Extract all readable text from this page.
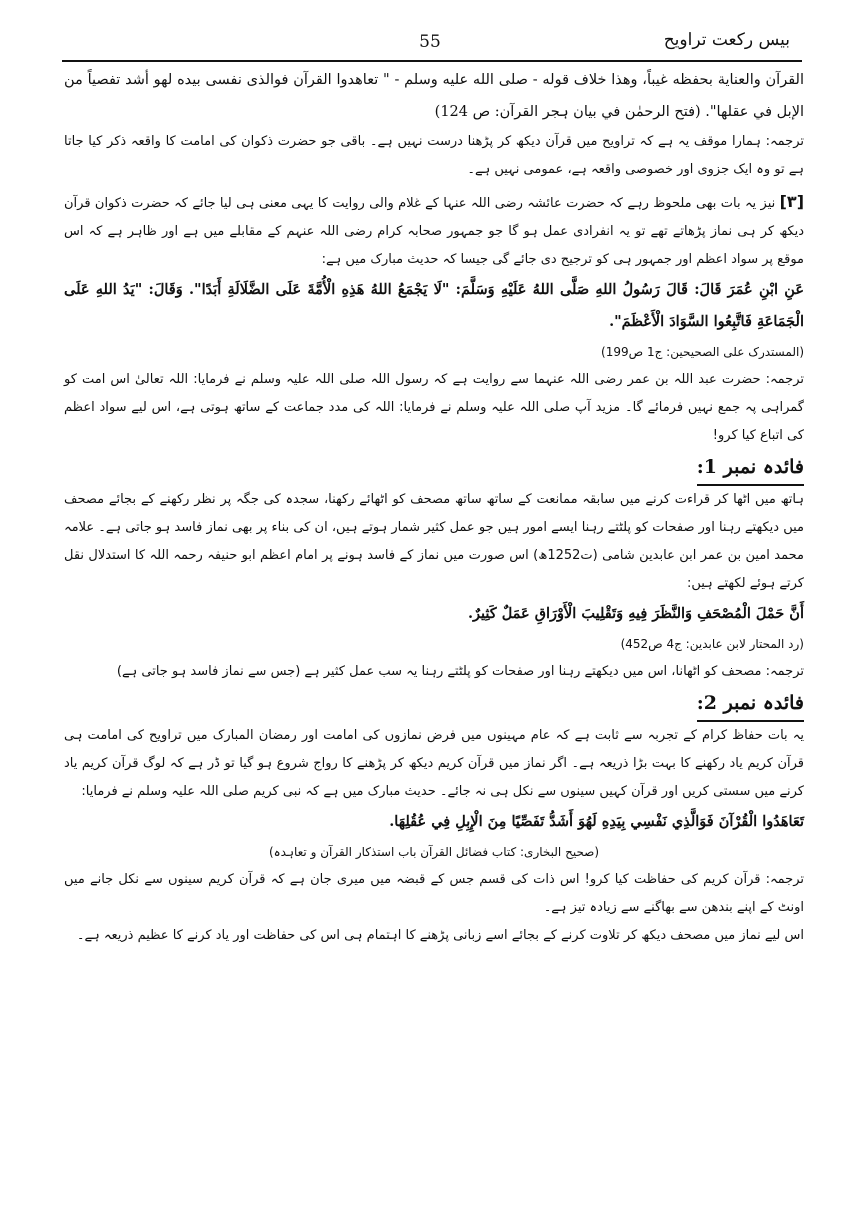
بیس رکعت تراویح
55

القرآن والعناية بحفظه غيباً، وهذا خلاف قوله - صلى الله عليه وسلم - " تعاهدوا القرآن فوالذى نفسى بيده لهو أشد تفصياً من الإبل في عقلها". (فتح الرحمٰن في بيان ہجر القرآن: ص 124)

ترجمہ: ہمارا موقف یہ ہے کہ تراویح میں قرآن دیکھ کر پڑھنا درست نہیں ہے۔ باقی جو حضرت ذکوان کی امامت کا واقعہ ذکر کیا جاتا ہے تو وہ ایک جزوی اور خصوصی واقعہ ہے، عمومی نہیں ہے۔

[۳] نیز یہ بات بھی ملحوظ رہے کہ حضرت عائشہ رضی اللہ عنہا کے غلام والی روایت کا یہی معنی ہی لیا جائے کہ حضرت ذکوان قرآن دیکھ کر ہی نماز پڑھاتے تھے تو یہ انفرادی عمل ہو گا جو جمہور صحابہ کرام رضی اللہ عنہم کے مقابلے میں ہے اور ظاہر ہے کہ اس موقع پر سواد اعظم اور جمہور ہی کو ترجیح دی جائے گی جیسا کہ حدیث مبارک میں ہے:

عَنِ ابْنِ عُمَرَ قَالَ: قَالَ رَسُولُ اللهِ صَلَّى اللهُ عَلَيْهِ وَسَلَّمَ: "لَا يَجْمَعُ اللهُ هَذِهِ الْأُمَّةَ عَلَى الضَّلَالَةِ أَبَدًا". وَقَالَ: "يَدُ اللهِ عَلَى الْجَمَاعَةِ فَاتَّبِعُوا السَّوَادَ الْأَعْظَمَ".

(المستدرک علی الصحیحین: ج1 ص199)

ترجمہ: حضرت عبد اللہ بن عمر رضی اللہ عنہما سے روایت ہے کہ رسول اللہ صلی اللہ علیہ وسلم نے فرمایا: اللہ تعالیٰ اس امت کو گمراہی پہ جمع نہیں فرمائے گا۔ مزید آپ صلی اللہ علیہ وسلم نے فرمایا: اللہ کی مدد جماعت کے ساتھ ہوتی ہے، اس لیے سواد اعظم کی اتباع کیا کرو!

فائدہ نمبر 1:

ہاتھ میں اٹھا کر قراءت کرنے میں سابقہ ممانعت کے ساتھ ساتھ مصحف کو اٹھائے رکھنا، سجدہ کی جگہ پر نظر رکھنے کے بجائے مصحف میں دیکھتے رہنا اور صفحات کو پلٹتے رہنا ایسے امور ہیں جو عمل کثیر شمار ہوتے ہیں، ان کی بناء پر بھی نماز فاسد ہو جاتی ہے۔ علامہ محمد امین بن عمر ابن عابدین شامی (ت1252ھ) اس صورت میں نماز کے فاسد ہونے پر امام اعظم ابو حنیفہ رحمہ اللہ کا استدلال نقل کرتے ہوئے لکھتے ہیں:

أَنَّ حَمْلَ الْمُصْحَفِ وَالنَّظَرَ فِيهِ وَتَقْلِيبَ الْأَوْرَاقِ عَمَلٌ كَثِيرٌ.

(رد المحتار لابن عابدین: ج4 ص452)

ترجمہ: مصحف کو اٹھانا، اس میں دیکھتے رہنا اور صفحات کو پلٹتے رہنا یہ سب عمل کثیر ہے (جس سے نماز فاسد ہو جاتی ہے)

فائدہ نمبر 2:

یہ بات حفاظ کرام کے تجربہ سے ثابت ہے کہ عام مہینوں میں فرض نمازوں کی امامت اور رمضان المبارک میں تراویح کی امامت ہی قرآن کریم یاد رکھنے کا بہت بڑا ذریعہ ہے۔ اگر نماز میں قرآن کریم دیکھ کر پڑھنے کا رواج شروع ہو گیا تو ڈر ہے کہ لوگ قرآن کریم یاد کرنے میں سستی کریں اور قرآن کہیں سینوں سے نکل ہی نہ جائے۔ حدیث مبارک میں ہے کہ نبی کریم صلی اللہ علیہ وسلم نے فرمایا:

تَعَاهَدُوا الْقُرْآنَ فَوَالَّذِي نَفْسِي بِيَدِهِ لَهُوَ أَشَدُّ تَفَصِّيًا مِنَ الْإِبِلِ فِي عُقُلِهَا.

(صحیح البخاری: کتاب فضائل القرآن باب استذکار القرآن و تعاہدہ)

ترجمہ: قرآن کریم کی حفاظت کیا کرو! اس ذات کی قسم جس کے قبضہ میں میری جان ہے کہ قرآن کریم سینوں سے نکل جانے میں اونٹ کے اپنے بندھن سے بھاگنے سے زیادہ تیز ہے۔

اس لیے نماز میں مصحف دیکھ کر تلاوت کرنے کے بجائے اسے زبانی پڑھنے کا اہتمام ہی اس کی حفاظت اور یاد کرنے کا عظیم ذریعہ ہے۔
